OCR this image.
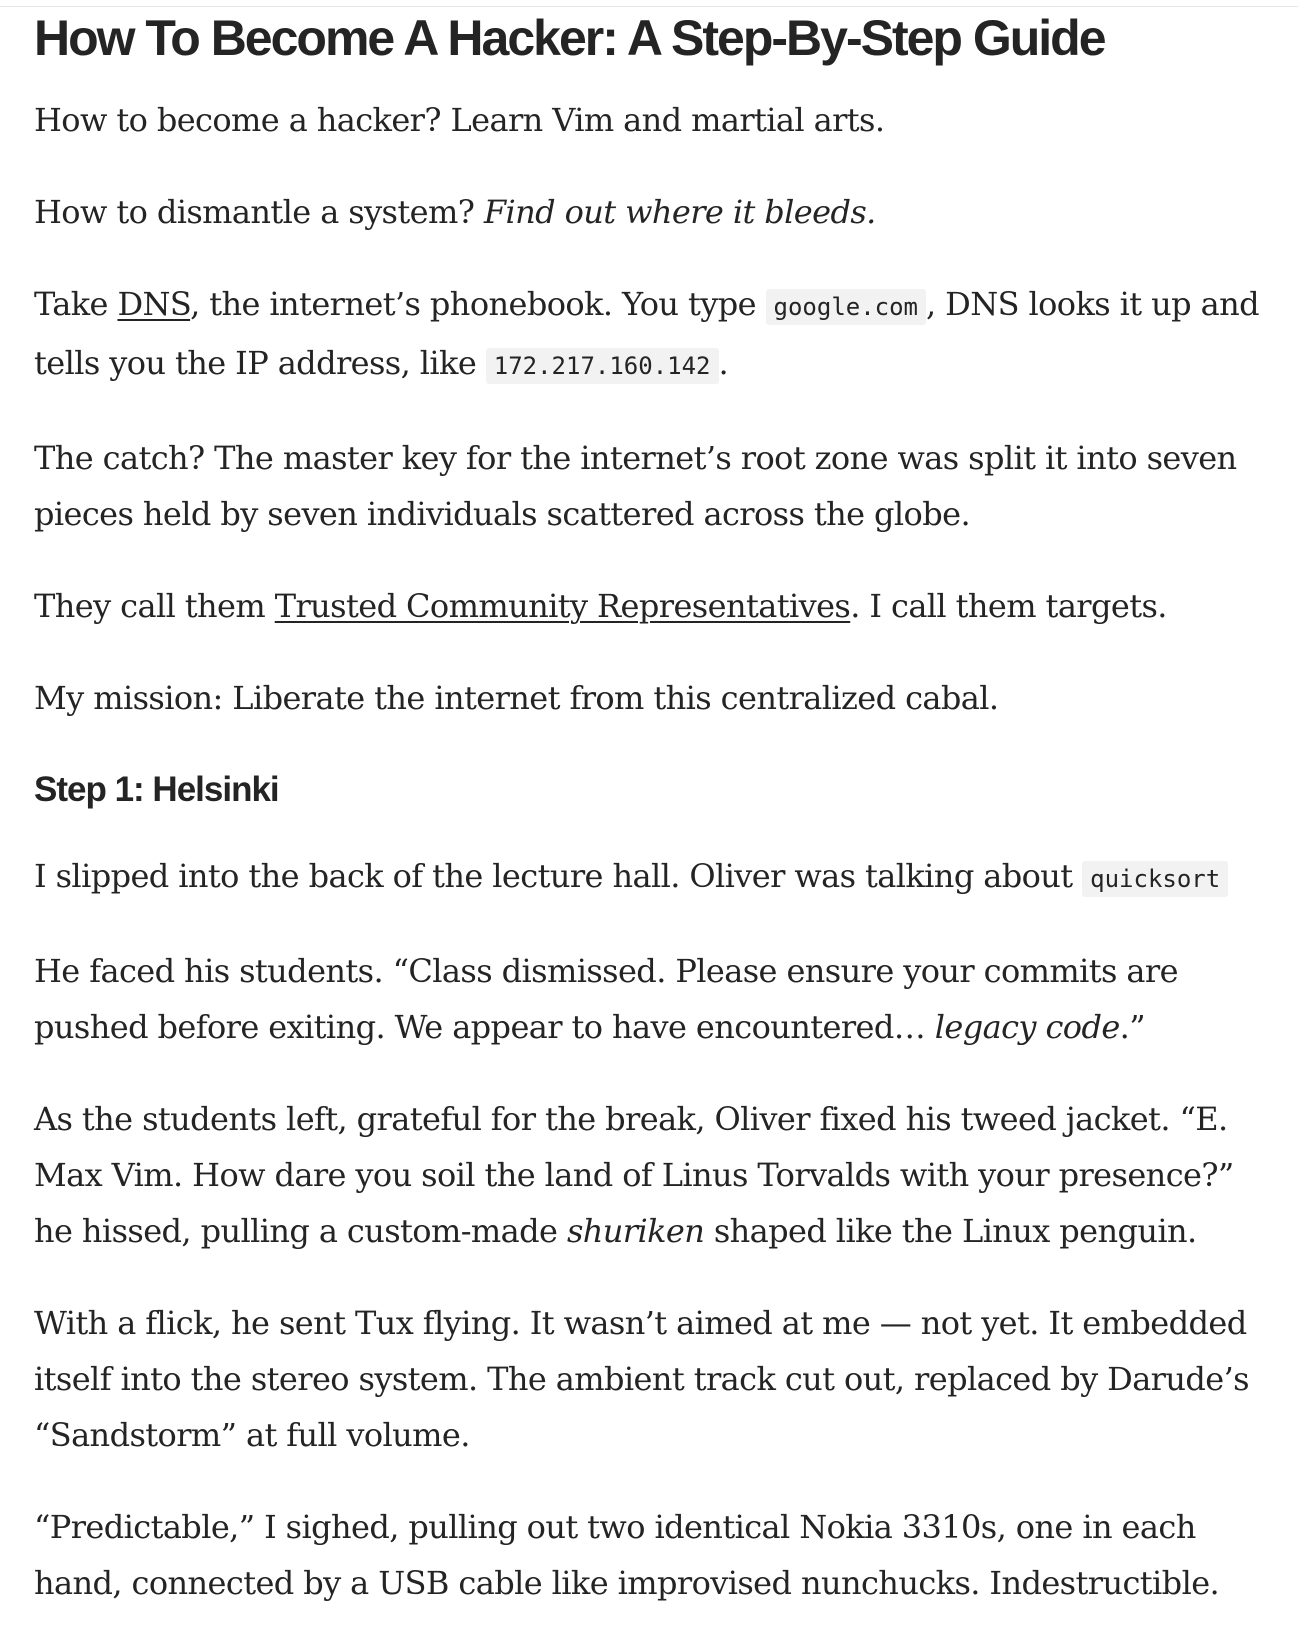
How To Become A Hacker: A Step-By-Step Guide

How to become a hacker? Learn Vim and martial arts.

How to dismantle a system? Find out where it bleeds.

Take DNS, the internet’s phonebook. You type google.com , DNS looks it up and tells you the IP address, like 172.217.160.142 .

The catch? The master key for the internet’s root zone was split it into seven pieces held by seven individuals scattered across the globe.

They call them Trusted Community Representatives. I call them targets.

My mission: Liberate the internet from this centralized cabal.

Step 1: Helsinki

I slipped into the back of the lecture hall. Oliver was talking about quicksort

He faced his students. “Class dismissed. Please ensure your commits are pushed before exiting. We appear to have encountered… legacy code.”

As the students left, grateful for the break, Oliver fixed his tweed jacket. “E. Max Vim. How dare you soil the land of Linus Torvalds with your presence?” he hissed, pulling a custom-made shuriken shaped like the Linux penguin.

With a flick, he sent Tux flying. It wasn’t aimed at me — not yet. It embedded itself into the stereo system. The ambient track cut out, replaced by Darude’s “Sandstorm” at full volume.

“Predictable,” I sighed, pulling out two identical Nokia 3310s, one in each hand, connected by a USB cable like improvised nunchucks. Indestructible.
